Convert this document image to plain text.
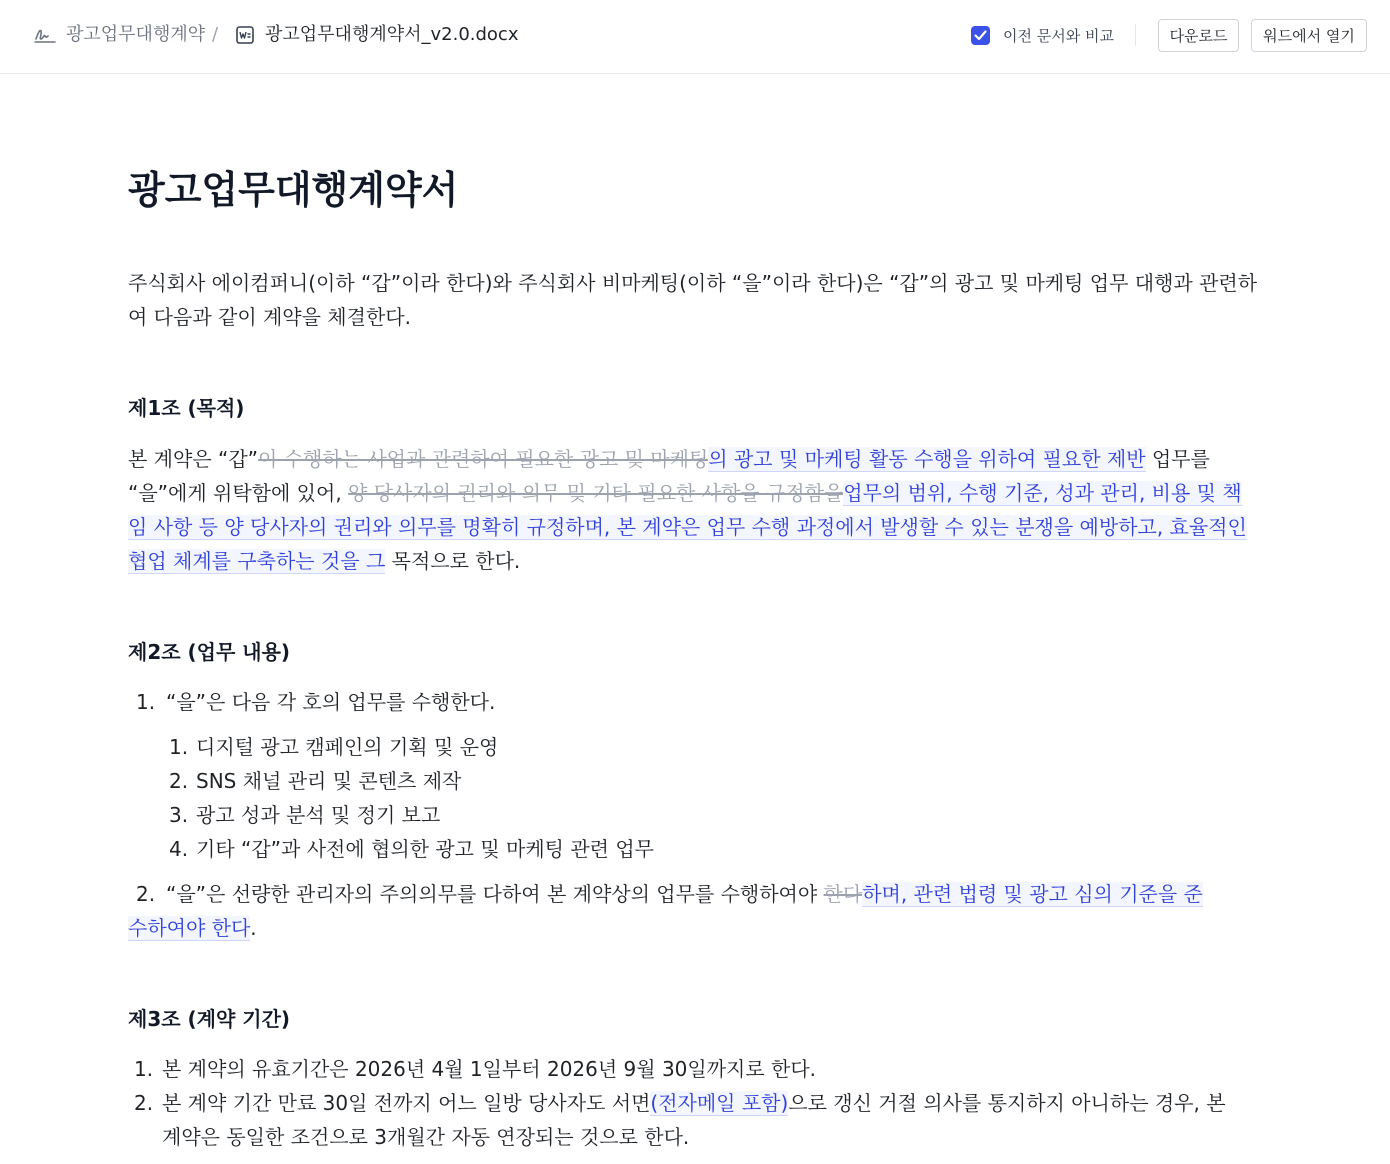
광고업무대행계약 /	광고업무대행계약서_v2.0.docx	이전 문서와 비교	다운로드	워드에서 열기
광고업무대행계약서

주식회사 에이컴퍼니(이하 “갑”이라 한다)와 주식회사 비마케팅(이하 “을”이라 한다)은 “갑”의 광고 및 마케팅 업무 대행과 관련하여 다음과 같이 계약을 체결한다.

제1조 (목적)

본 계약은 “갑”이 수행하는 사업과 관련하여 필요한 광고 및 마케팅의 광고 및 마케팅 활동 수행을 위하여 필요한 제반 업무를 “을”에게 위탁함에 있어, 양 당사자의 권리와 의무 및 기타 필요한 사항을 규정함을업무의 범위, 수행 기준, 성과 관리, 비용 및 책임 사항 등 양 당사자의 권리와 의무를 명확히 규정하며, 본 계약은 업무 수행 과정에서 발생할 수 있는 분쟁을 예방하고, 효율적인 협업 체계를 구축하는 것을 그 목적으로 한다.

제2조 (업무 내용)
1. “을”은 다음 각 호의 업무를 수행한다.
1. 디지털 광고 캠페인의 기획 및 운영
2. SNS 채널 관리 및 콘텐츠 제작
3. 광고 성과 분석 및 정기 보고
4. 기타 “갑”과 사전에 협의한 광고 및 마케팅 관련 업무
2. “을”은 선량한 관리자의 주의의무를 다하여 본 계약상의 업무를 수행하여야 한다하며, 관련 법령 및 광고 심의 기준을 준수하여야 한다.

제3조 (계약 기간)
1. 본 계약의 유효기간은 2026년 4월 1일부터 2026년 9월 30일까지로 한다.
2. 본 계약 기간 만료 30일 전까지 어느 일방 당사자도 서면(전자메일 포함)으로 갱신 거절 의사를 통지하지 아니하는 경우, 본 계약은 동일한 조건으로 3개월간 자동 연장되는 것으로 한다.
